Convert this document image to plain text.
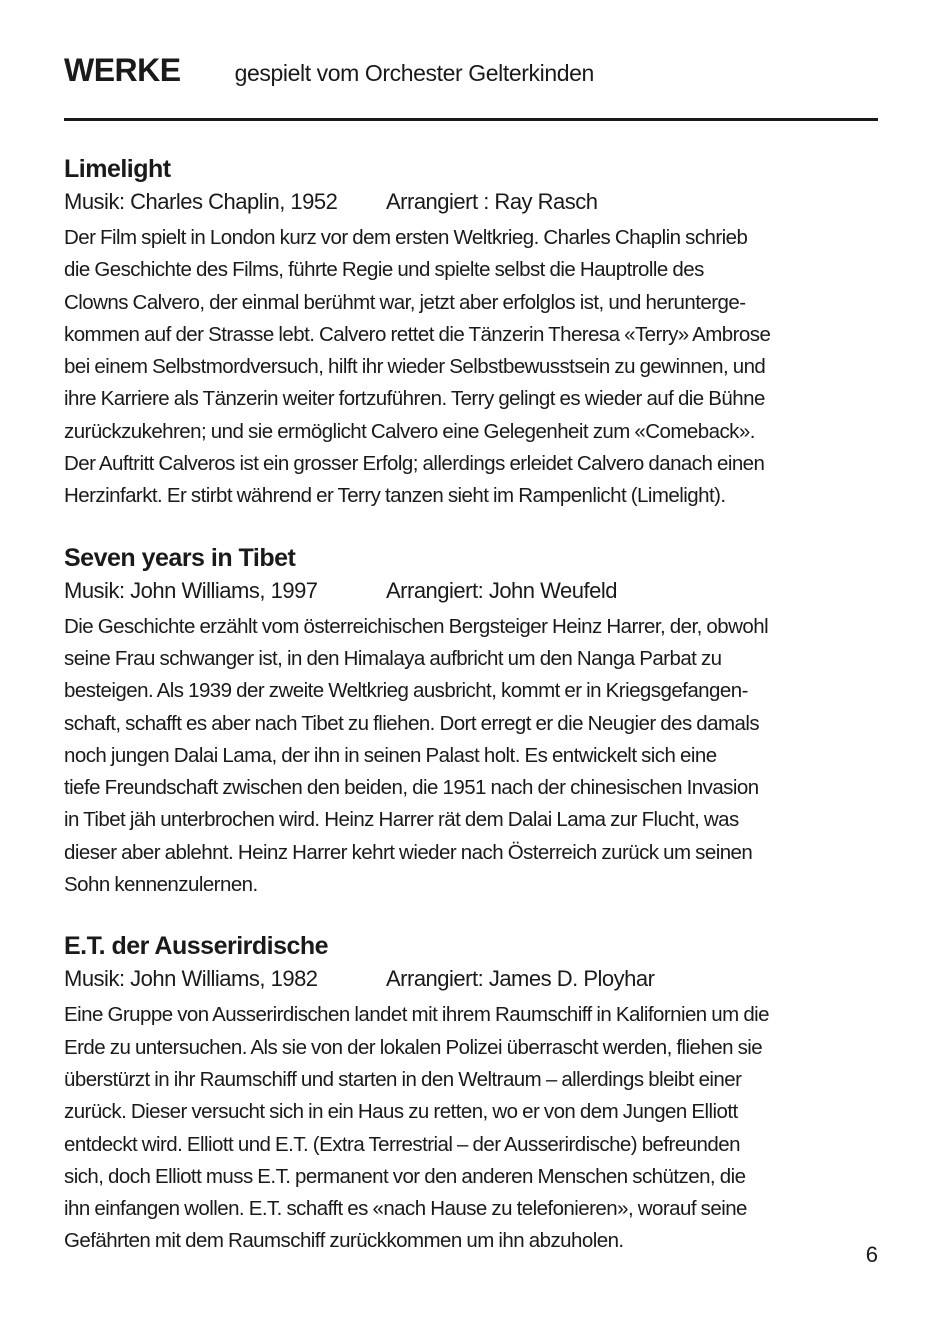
WERKE gespielt vom Orchester Gelterkinden
Limelight
Musik: Charles Chaplin, 1952	Arrangiert : Ray Rasch

Der Film spielt in London kurz vor dem ersten Weltkrieg. Charles Chaplin schrieb
die Geschichte des Films, führte Regie und spielte selbst die Hauptrolle des
Clowns Calvero, der einmal berühmt war, jetzt aber erfolglos ist, und herunterge-
kommen auf der Strasse lebt. Calvero rettet die Tänzerin Theresa «Terry» Ambrose
bei einem Selbstmordversuch, hilft ihr wieder Selbstbewusstsein zu gewinnen, und
ihre Karriere als Tänzerin weiter fortzuführen. Terry gelingt es wieder auf die Bühne
zurückzukehren; und sie ermöglicht Calvero eine Gelegenheit zum «Comeback».
Der Auftritt Calveros ist ein grosser Erfolg; allerdings erleidet Calvero danach einen
Herzinfarkt. Er stirbt während er Terry tanzen sieht im Rampenlicht (Limelight).

Seven years in Tibet
Musik: John Williams, 1997	Arrangiert: John Weufeld

Die Geschichte erzählt vom österreichischen Bergsteiger Heinz Harrer, der, obwohl
seine Frau schwanger ist, in den Himalaya aufbricht um den Nanga Parbat zu
besteigen. Als 1939 der zweite Weltkrieg ausbricht, kommt er in Kriegsgefangen-
schaft, schafft es aber nach Tibet zu fliehen. Dort erregt er die Neugier des damals
noch jungen Dalai Lama, der ihn in seinen Palast holt. Es entwickelt sich eine
tiefe Freundschaft zwischen den beiden, die 1951 nach der chinesischen Invasion
in Tibet jäh unterbrochen wird. Heinz Harrer rät dem Dalai Lama zur Flucht, was
dieser aber ablehnt. Heinz Harrer kehrt wieder nach Österreich zurück um seinen
Sohn kennenzulernen.

E.T. der Ausserirdische
Musik: John Williams, 1982	Arrangiert: James D. Ployhar

Eine Gruppe von Ausserirdischen landet mit ihrem Raumschiff in Kalifornien um die
Erde zu untersuchen. Als sie von der lokalen Polizei überrascht werden, fliehen sie
überstürzt in ihr Raumschiff und starten in den Weltraum – allerdings bleibt einer
zurück. Dieser versucht sich in ein Haus zu retten, wo er von dem Jungen Elliott
entdeckt wird. Elliott und E.T. (Extra Terrestrial – der Ausserirdische) befreunden
sich, doch Elliott muss E.T. permanent vor den anderen Menschen schützen, die
ihn einfangen wollen. E.T. schafft es «nach Hause zu telefonieren», worauf seine
Gefährten mit dem Raumschiff zurückkommen um ihn abzuholen.

6
